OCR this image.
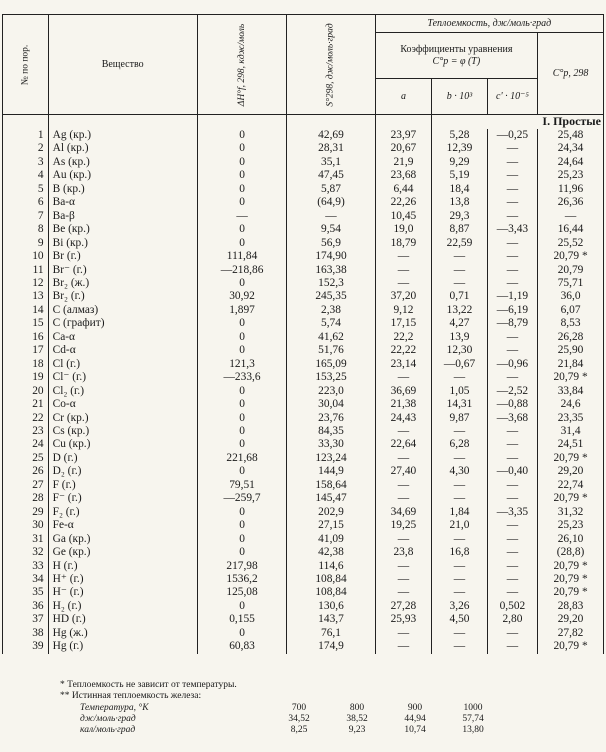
№ по пор.	Вещество	ΔH°f, 298, кдж/моль	S°298, дж/моль·град	Теплоемкость, дж/моль·град			

				Коэффициенты уравнения
C°p = φ (T)			C°p, 298
				a	b · 10³	c' · 10⁻⁵	
					I. Простые		
1	Ag (кр.)	0	42,69	23,97	5,28	—0,25	25,48
2	Al (кр.)	0	28,31	20,67	12,39	—	24,34
3	As (кр.)	0	35,1	21,9	9,29	—	24,64
4	Au (кр.)	0	47,45	23,68	5,19	—	25,23
5	B (кр.)	0	5,87	6,44	18,4	—	11,96
6	Ba-α	0	(64,9)	22,26	13,8	—	26,36
7	Ba-β	—	—	10,45	29,3	—	—
8	Be (кр.)	0	9,54	19,0	8,87	—3,43	16,44
9	Bi (кр.)	0	56,9	18,79	22,59	—	25,52
10	Br (г.)	111,84	174,90	—	—	—	20,79 *
11	Br⁻ (г.)	—218,86	163,38	—	—	—	20,79
12	Br₂ (ж.)	0	152,3	—	—	—	75,71
13	Br₂ (г.)	30,92	245,35	37,20	0,71	—1,19	36,0
14	C (алмаз)	1,897	2,38	9,12	13,22	—6,19	6,07
15	C (графит)	0	5,74	17,15	4,27	—8,79	8,53
16	Ca-α	0	41,62	22,2	13,9	—	26,28
17	Cd-α	0	51,76	22,22	12,30	—	25,90
18	Cl (г.)	121,3	165,09	23,14	—0,67	—0,96	21,84
19	Cl⁻ (г.)	—233,6	153,25	—	—	—	20,79 *
20	Cl₂ (г.)	0	223,0	36,69	1,05	—2,52	33,84
21	Co-α	0	30,04	21,38	14,31	—0,88	24,6
22	Cr (кр.)	0	23,76	24,43	9,87	—3,68	23,35
23	Cs (кр.)	0	84,35	—	—	—	31,4
24	Cu (кр.)	0	33,30	22,64	6,28	—	24,51
25	D (г.)	221,68	123,24	—	—	—	20,79 *
26	D₂ (г.)	0	144,9	27,40	4,30	—0,40	29,20
27	F (г.)	79,51	158,64	—	—	—	22,74
28	F⁻ (г.)	—259,7	145,47	—	—	—	20,79 *
29	F₂ (г.)	0	202,9	34,69	1,84	—3,35	31,32
30	Fe-α	0	27,15	19,25	21,0	—	25,23
31	Ga (кр.)	0	41,09	—	—	—	26,10
32	Ge (кр.)	0	42,38	23,8	16,8	—	(28,8)
33	H (г.)	217,98	114,6	—	—	—	20,79 *
34	H⁺ (г.)	1536,2	108,84	—	—	—	20,79 *
35	H⁻ (г.)	125,08	108,84	—	—	—	20,79 *
36	H₂ (г.)	0	130,6	27,28	3,26	0,502	28,83
37	HD (г.)	0,155	143,7	25,93	4,50	2,80	29,20
38	Hg (ж.)	0	76,1	—	—	—	27,82
39	Hg (г.)	60,83	174,9	—	—	—	20,79 *
* Теплоемкость не зависит от температуры.
** Истинная теплоемкость железа:
Температура, °K	700	800	900	1000
дж/моль·град	34,52	38,52	44,94	57,74
кал/моль·град	8,25	9,23	10,74	13,80
